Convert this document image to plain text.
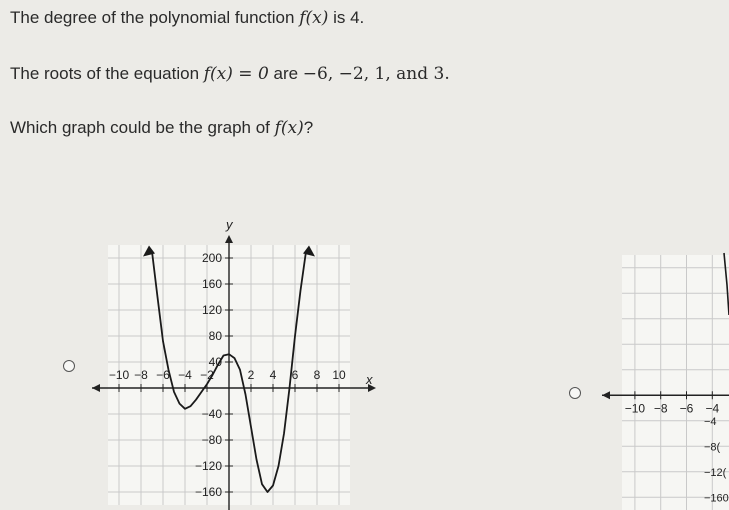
The degree of the polynomial function f(x) is 4.
The roots of the equation f(x) = 0 are −6, −2, 1, and 3.
Which graph could be the graph of f(x)?
x
y
−10 −8 −6 −4 −2	2 4 6 8 10
200
160
120
80
40
−40
−80
−120
−160
−10 −8 −6 −4
−4
−8(
−12(
−160
